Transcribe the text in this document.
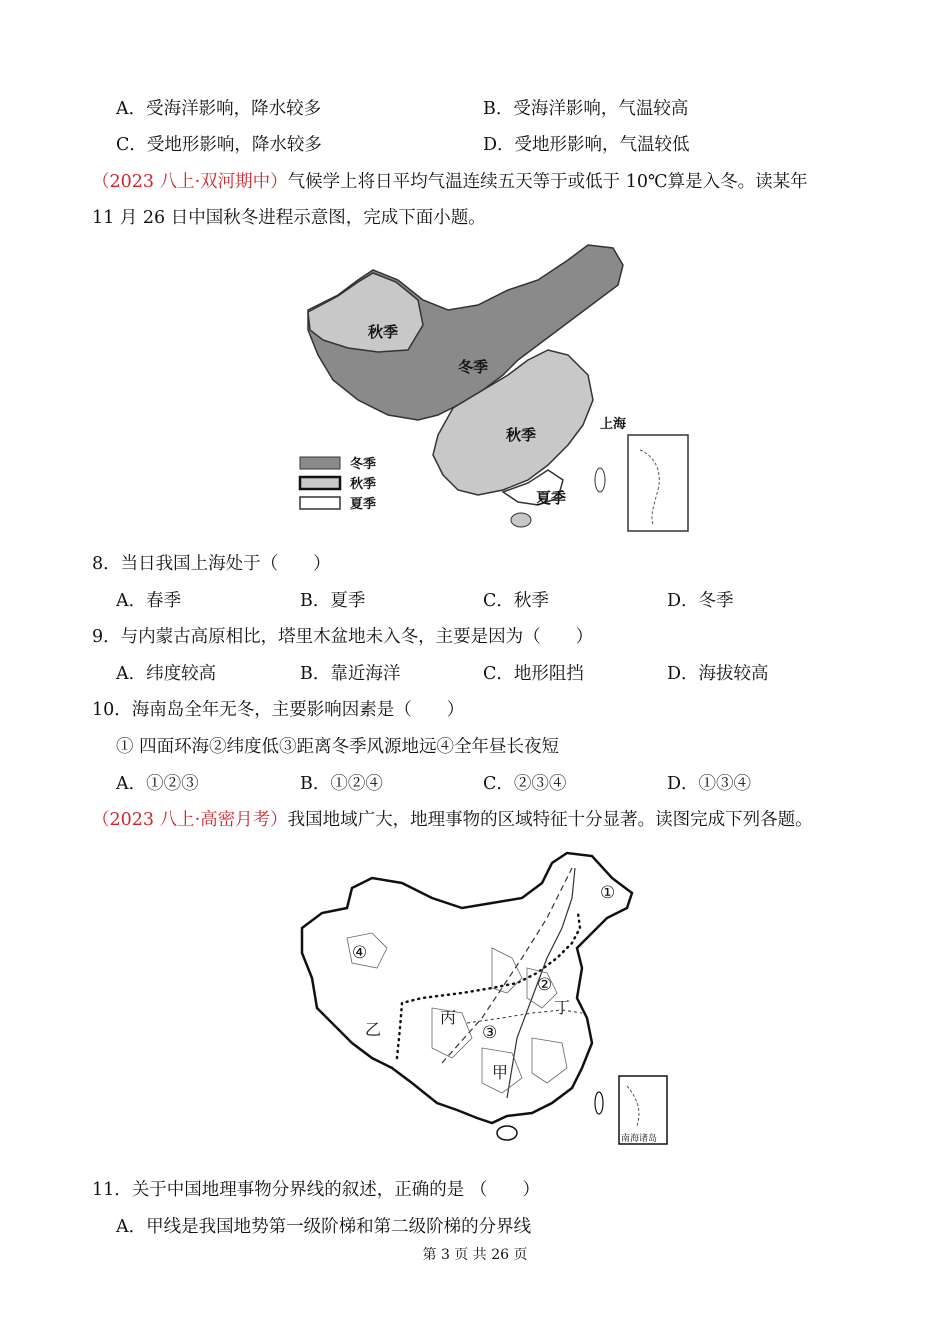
A．受海洋影响，降水较多	B．受海洋影响，气温较高
C．受地形影响，降水较多	D．受地形影响，气温较低
（2023 八上·双河期中）气候学上将日平均气温连续五天等于或低于 10℃算是入冬。读某年
11 月 26 日中国秋冬进程示意图，完成下面小题。
秋季
冬季
秋季
夏季
上海
冬季
秋季
夏季
8．当日我国上海处于（　　）
A．春季	B．夏季	C．秋季	D．冬季
9．与内蒙古高原相比，塔里木盆地未入冬，主要是因为（　　）
A．纬度较高	B．靠近海洋	C．地形阻挡	D．海拔较高
10．海南岛全年无冬，主要影响因素是（　　）
① 四面环海②纬度低③距离冬季风源地远④全年昼长夜短
A．①②③	B．①②④	C．②③④	D．①③④
（2023 八上·高密月考）我国地域广大，地理事物的区域特征十分显著。读图完成下列各题。
南海诸岛
①
②
③
④
乙
丙
丁
甲
11．关于中国地理事物分界线的叙述，正确的是 （　　）
A．甲线是我国地势第一级阶梯和第二级阶梯的分界线
第 3 页 共 26 页
